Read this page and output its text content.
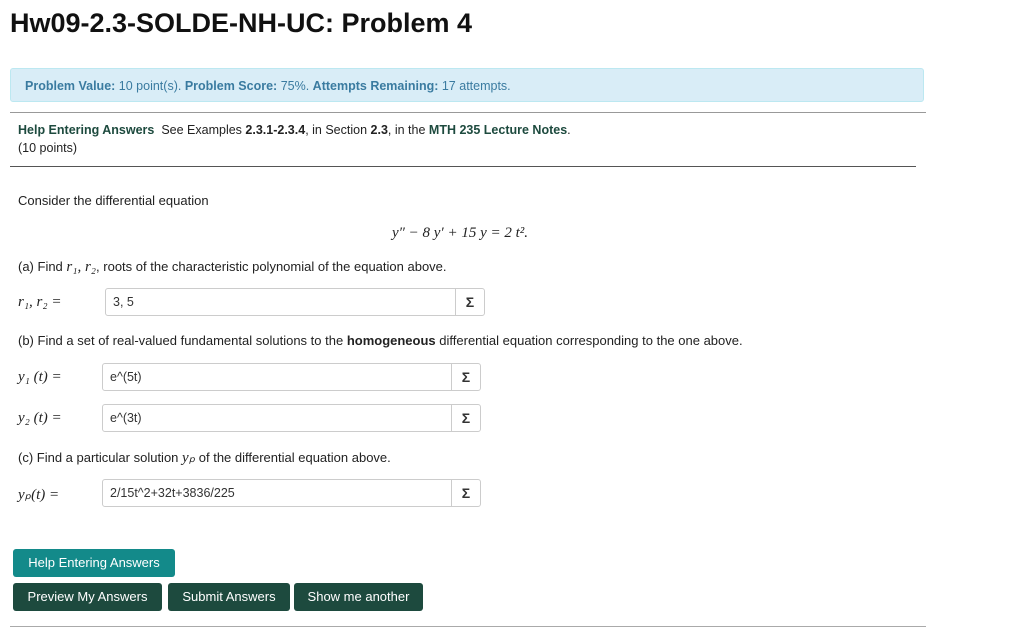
Hw09-2.3-SOLDE-NH-UC: Problem 4
Problem Value: 10 point(s). Problem Score: 75%. Attempts Remaining: 17 attempts.
Help Entering Answers See Examples 2.3.1-2.3.4, in Section 2.3, in the MTH 235 Lecture Notes.
(10 points)
Consider the differential equation
y″ − 8 y′ + 15 y = 2 t².
(a) Find r₁, r₂, roots of the characteristic polynomial of the equation above.
r₁, r₂ =	3, 5	Σ
(b) Find a set of real-valued fundamental solutions to the homogeneous differential equation corresponding to the one above.
y₁ (t) =	e^(5t)	Σ
y₂ (t) =	e^(3t)	Σ
(c) Find a particular solution yₚ of the differential equation above.
yₚ(t) =	2/15t^2+32t+3836/225	Σ
Help Entering Answers
Preview My Answers	Submit Answers	Show me another
